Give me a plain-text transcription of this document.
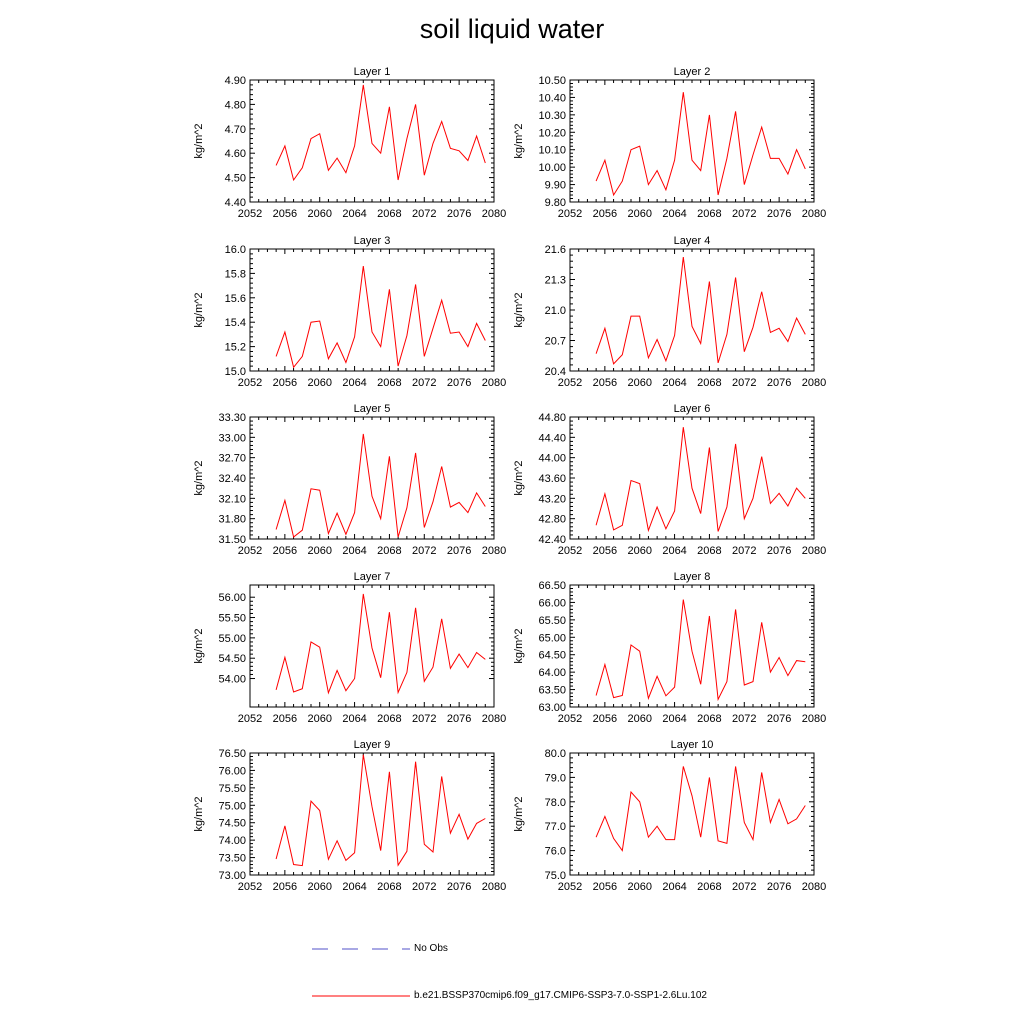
soil liquid water
Layer 1
kg/m^2
2052 2056 2060 2064 2068 2072 2076 2080
4.40
4.50
4.60
4.70
4.80
4.90
Layer 2
kg/m^2
2052 2056 2060 2064 2068 2072 2076 2080
9.80
9.90
10.00
10.10
10.20
10.30
10.40
10.50
Layer 3
kg/m^2
2052 2056 2060 2064 2068 2072 2076 2080
15.0
15.2
15.4
15.6
15.8
16.0
Layer 4
kg/m^2
2052 2056 2060 2064 2068 2072 2076 2080
20.4
20.7
21.0
21.3
21.6
Layer 5
kg/m^2
2052 2056 2060 2064 2068 2072 2076 2080
31.50
31.80
32.10
32.40
32.70
33.00
33.30
Layer 6
kg/m^2
2052 2056 2060 2064 2068 2072 2076 2080
42.40
42.80
43.20
43.60
44.00
44.40
44.80
Layer 7
kg/m^2
2052 2056 2060 2064 2068 2072 2076 2080
54.00
54.50
55.00
55.50
56.00
Layer 8
kg/m^2
2052 2056 2060 2064 2068 2072 2076 2080
63.00
63.50
64.00
64.50
65.00
65.50
66.00
66.50
Layer 9
kg/m^2
2052 2056 2060 2064 2068 2072 2076 2080
73.00
73.50
74.00
74.50
75.00
75.50
76.00
76.50
Layer 10
kg/m^2
2052 2056 2060 2064 2068 2072 2076 2080
75.0
76.0
77.0
78.0
79.0
80.0
No Obs
b.e21.BSSP370cmip6.f09_g17.CMIP6-SSP3-7.0-SSP1-2.6Lu.102
